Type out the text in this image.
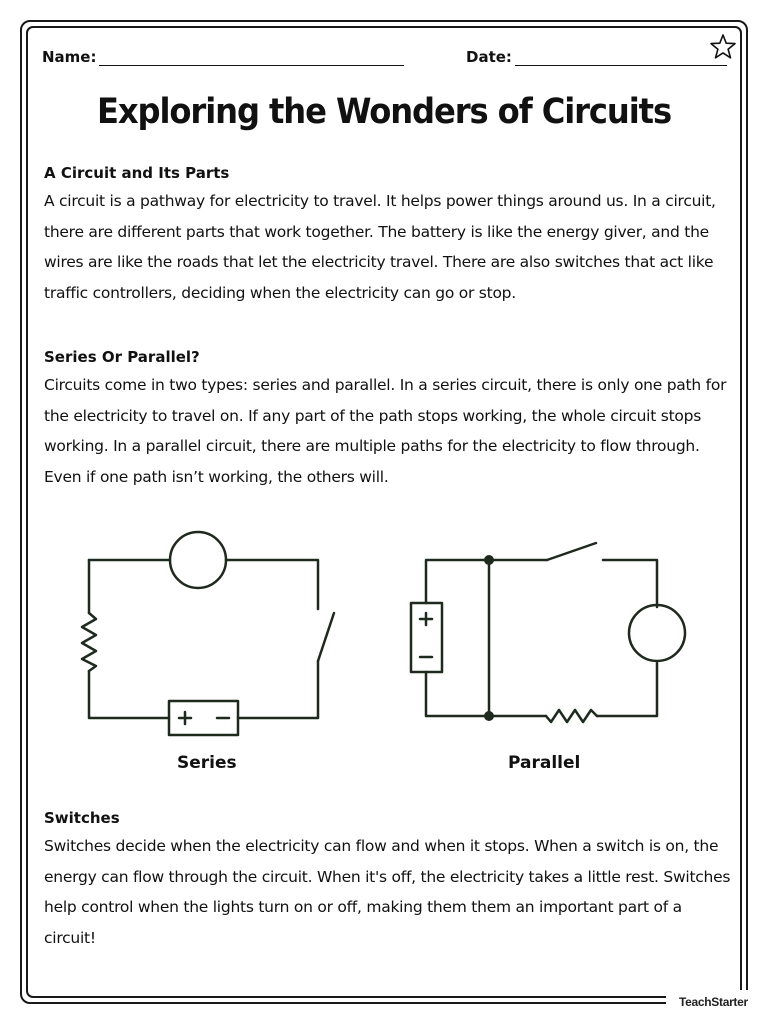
Name:	Date:
Exploring the Wonders of Circuits
A Circuit and Its Parts
A circuit is a pathway for electricity to travel. It helps power things around us. In a circuit, there are different parts that work together. The battery is like the energy giver, and the wires are like the roads that let the electricity travel. There are also switches that act like traffic controllers, deciding when the electricity can go or stop.
Series Or Parallel?
Circuits come in two types: series and parallel. In a series circuit, there is only one path for the electricity to travel on. If any part of the path stops working, the whole circuit stops working. In a parallel circuit, there are multiple paths for the electricity to flow through. Even if one path isn’t working, the others will.
Series	Parallel
Switches
Switches decide when the electricity can flow and when it stops. When a switch is on, the energy can flow through the circuit. When it's off, the electricity takes a little rest. Switches help control when the lights turn on or off, making them them an important part of a circuit!
TeachStarter
